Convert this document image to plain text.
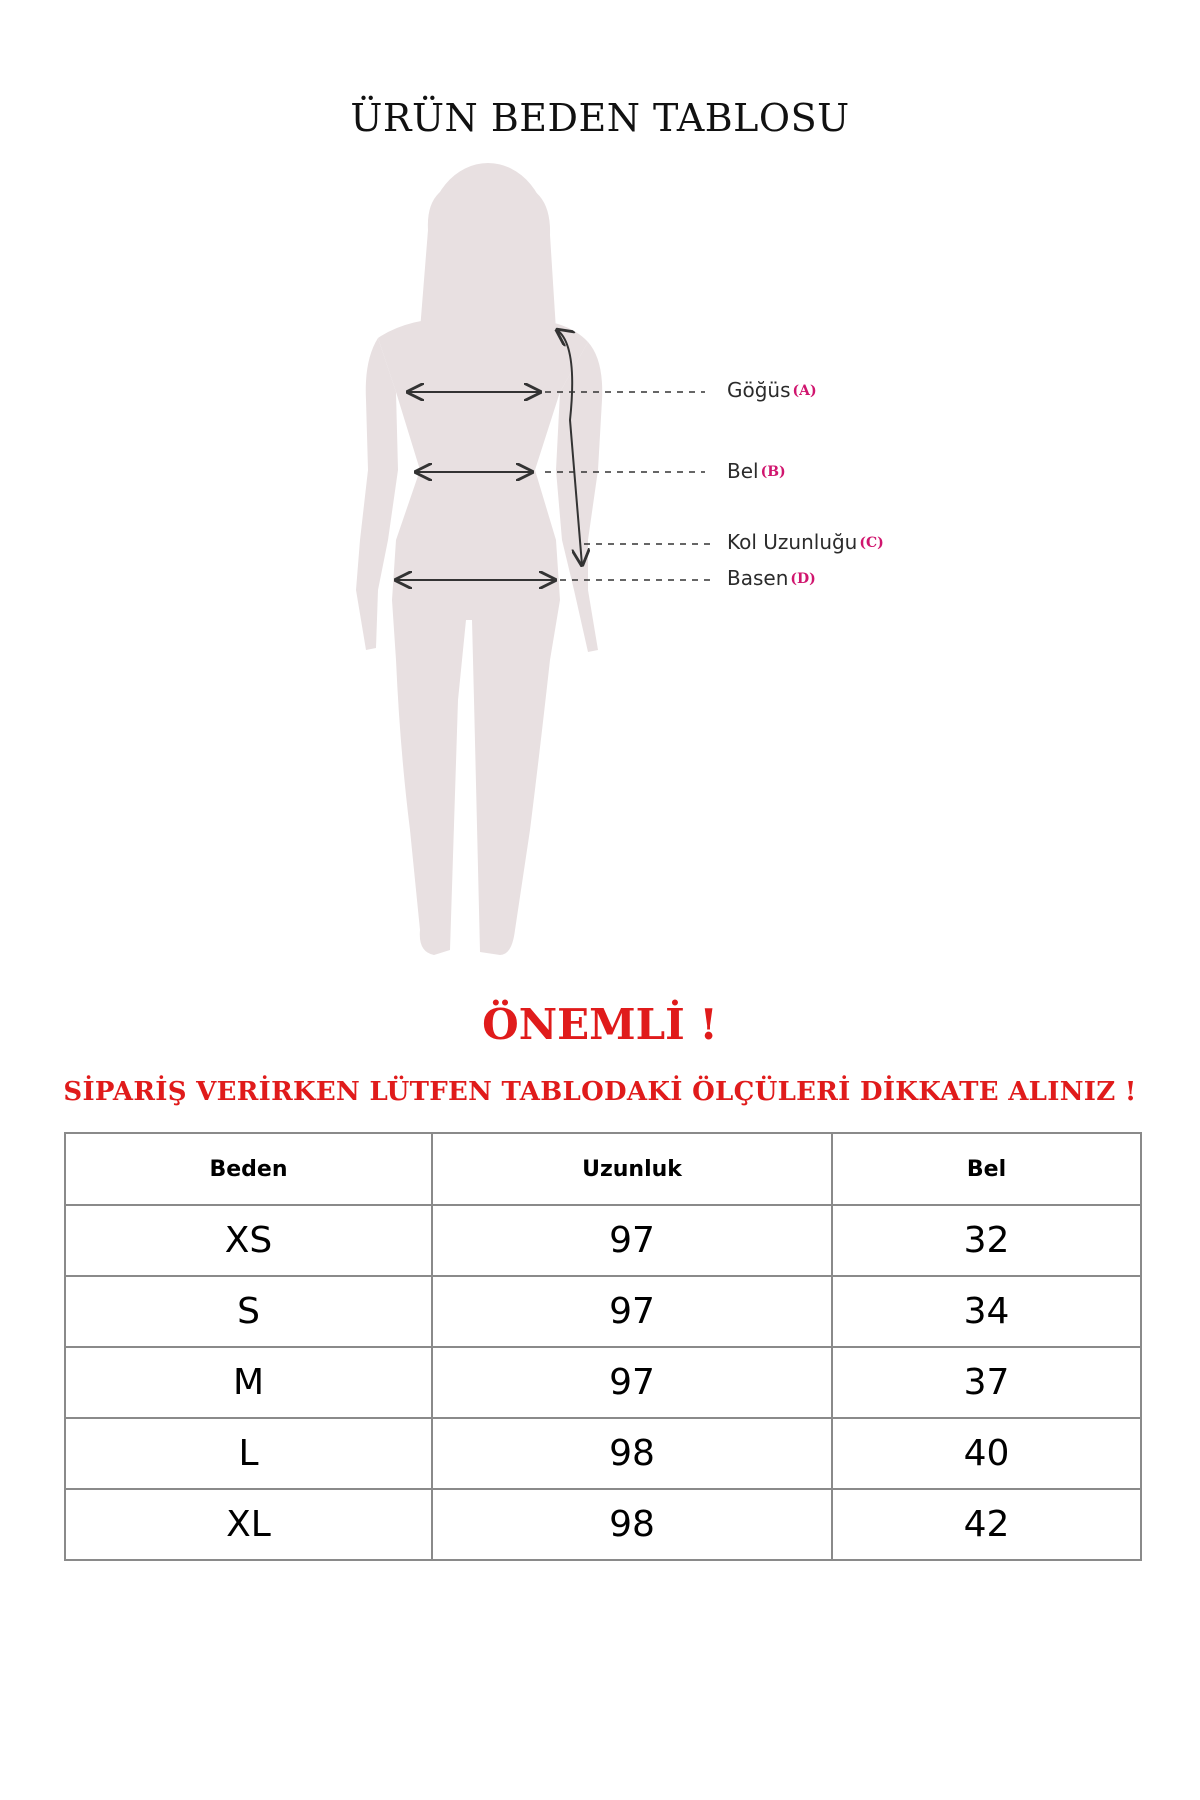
ÜRÜN BEDEN TABLOSU
Göğüs (A)
Bel (B)
Kol Uzunluğu (C)
Basen (D)
ÖNEMLİ !
SİPARİŞ VERİRKEN LÜTFEN TABLODAKİ ÖLÇÜLERİ DİKKATE ALINIZ !
Beden	Uzunluk	Bel
XS	97	32
S	97	34
M	97	37
L	98	40
XL	98	42
